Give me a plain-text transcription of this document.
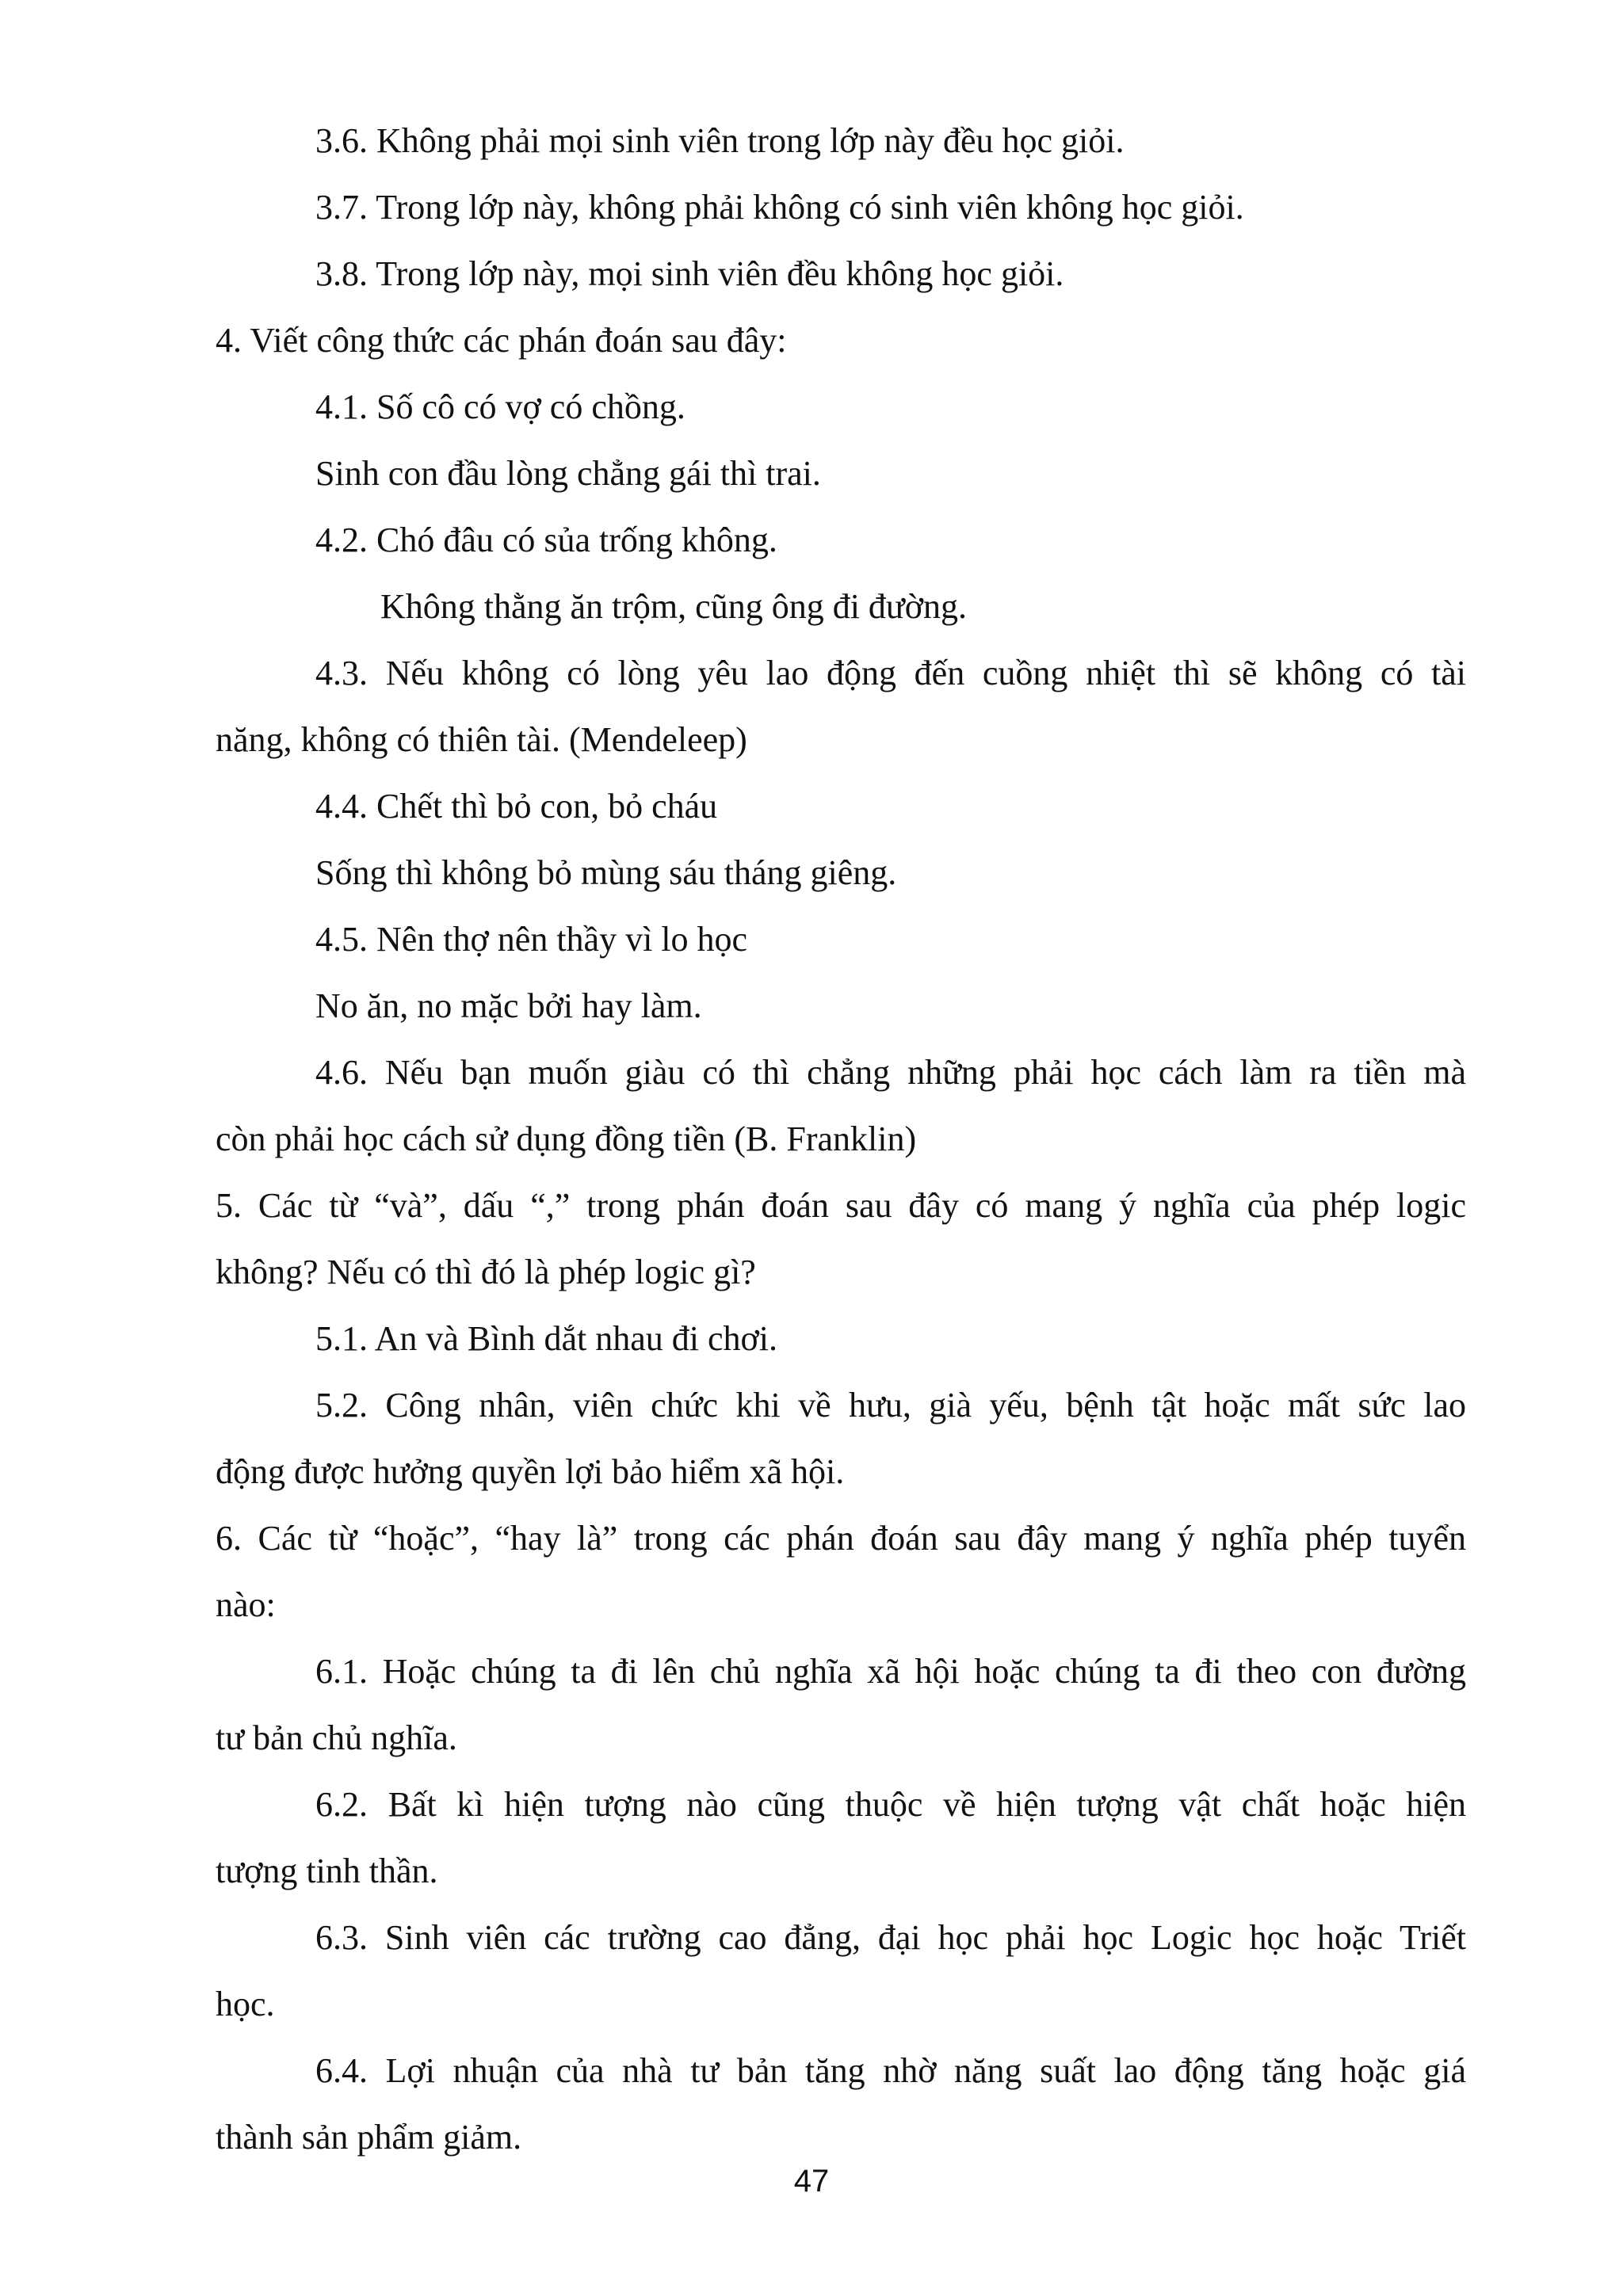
3.6. Không phải mọi sinh viên trong lớp này đều học giỏi.
3.7. Trong lớp này, không phải không có sinh viên không học giỏi.
3.8. Trong lớp này, mọi sinh viên đều không học giỏi.
4. Viết công thức các phán đoán sau đây:
4.1. Số cô có vợ có chồng.
Sinh con đầu lòng chẳng gái thì trai.
4.2. Chó đâu có sủa trống không.
Không thằng ăn trộm, cũng ông đi đường.
4.3. Nếu không có lòng yêu lao động đến cuồng nhiệt thì sẽ không có tài
năng, không có thiên tài. (Mendeleep)
4.4. Chết thì bỏ con, bỏ cháu
Sống thì không bỏ mùng sáu tháng giêng.
4.5. Nên thợ nên thầy vì lo học
No ăn, no mặc bởi hay làm.
4.6. Nếu bạn muốn giàu có thì chẳng những phải học cách làm ra tiền mà
còn phải học cách sử dụng đồng tiền (B. Franklin)
5. Các từ “và”, dấu “,” trong phán đoán sau đây có mang ý nghĩa của phép logic
không? Nếu có thì đó là phép logic gì?
5.1. An và Bình dắt nhau đi chơi.
5.2. Công nhân, viên chức khi về hưu, già yếu, bệnh tật hoặc mất sức lao
động được hưởng quyền lợi bảo hiểm xã hội.
6. Các từ “hoặc”, “hay là” trong các phán đoán sau đây mang ý nghĩa phép tuyển
nào:
6.1. Hoặc chúng ta đi lên chủ nghĩa xã hội hoặc chúng ta đi theo con đường
tư bản chủ nghĩa.
6.2. Bất kì hiện tượng nào cũng thuộc về hiện tượng vật chất hoặc hiện
tượng tinh thần.
6.3. Sinh viên các trường cao đẳng, đại học phải học Logic học hoặc Triết
học.
6.4. Lợi nhuận của nhà tư bản tăng nhờ năng suất lao động tăng hoặc giá
thành sản phẩm giảm.
47
